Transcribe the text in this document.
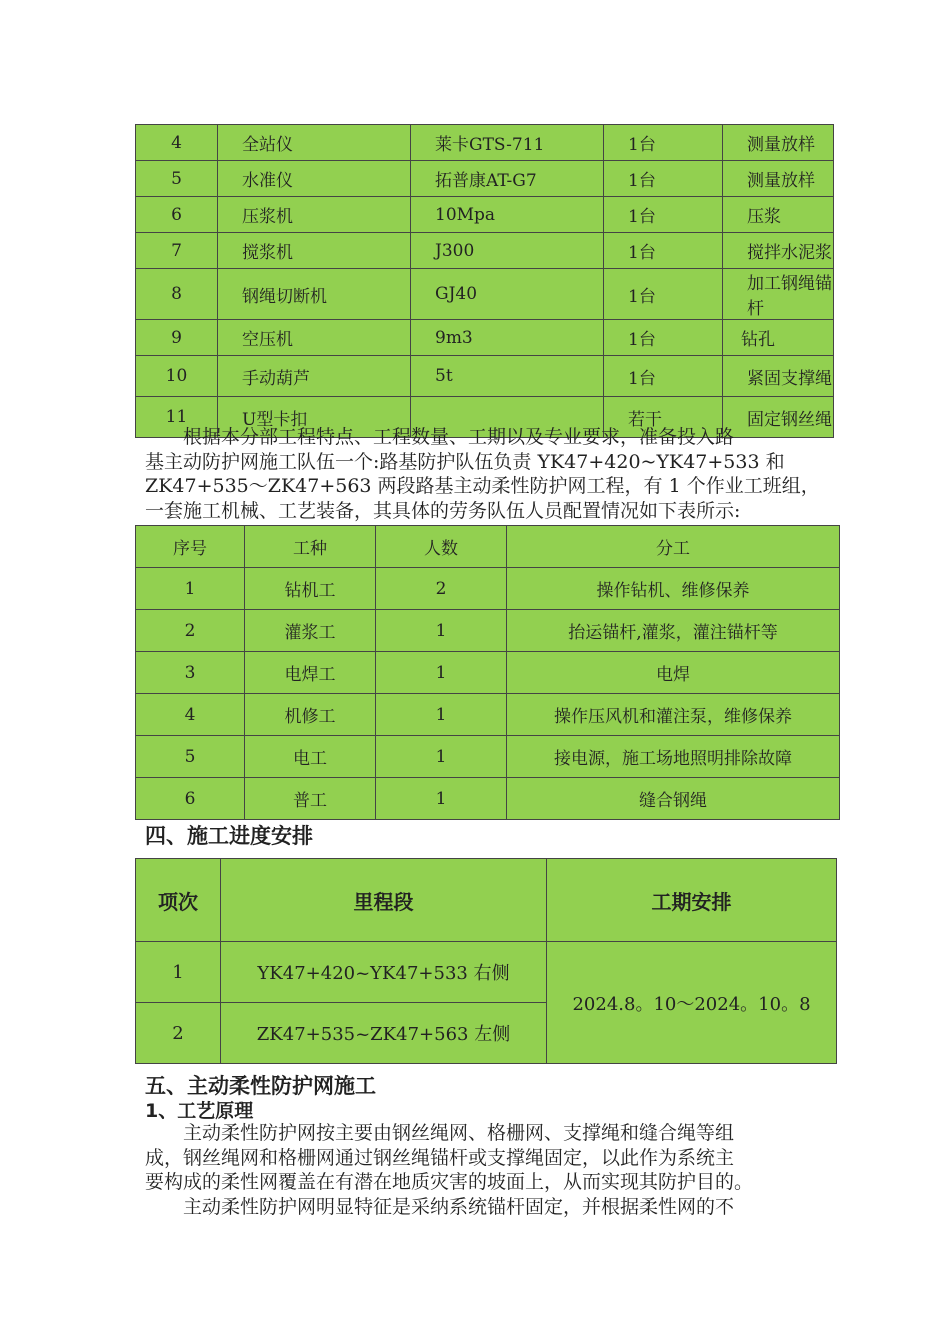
4	全站仪	莱卡GTS-711	1台	测量放样
5	水准仪	拓普康AT-G7	1台	测量放样
6	压浆机	10Mpa	1台	压浆
7	搅浆机	J300	1台	搅拌水泥浆
8	钢绳切断机	GJ40	1台	加工钢绳锚杆
9	空压机	9m3	1台	钻孔
10	手动葫芦	5t	1台	紧固支撑绳
11	U型卡扣		若干	固定钢丝绳

　　根据本分部工程特点、工程数量、工期以及专业要求，准备投入路
基主动防护网施工队伍一个:路基防护队伍负责 YK47+420~YK47+533 和
ZK47+535～ZK47+563 两段路基主动柔性防护网工程，有 1 个作业工班组，
一套施工机械、工艺装备，其具体的劳务队伍人员配置情况如下表所示:

序号	工种	人数	分工
1	钻机工	2	操作钻机、维修保养
2	灌浆工	1	抬运锚杆,灌浆，灌注锚杆等
3	电焊工	1	电焊
4	机修工	1	操作压风机和灌注泵，维修保养
5	电工	1	接电源，施工场地照明排除故障
6	普工	1	缝合钢绳
四、施工进度安排
项次	里程段	工期安排
1	YK47+420~YK47+533 右侧	2024.8。10～2024。10。8
2	ZK47+535~ZK47+563 左侧	
五、主动柔性防护网施工
1、工艺原理

　　主动柔性防护网按主要由钢丝绳网、格栅网、支撑绳和缝合绳等组
成，钢丝绳网和格栅网通过钢丝绳锚杆或支撑绳固定，以此作为系统主
要构成的柔性网覆盖在有潜在地质灾害的坡面上，从而实现其防护目的。
　　主动柔性防护网明显特征是采纳系统锚杆固定，并根据柔性网的不
